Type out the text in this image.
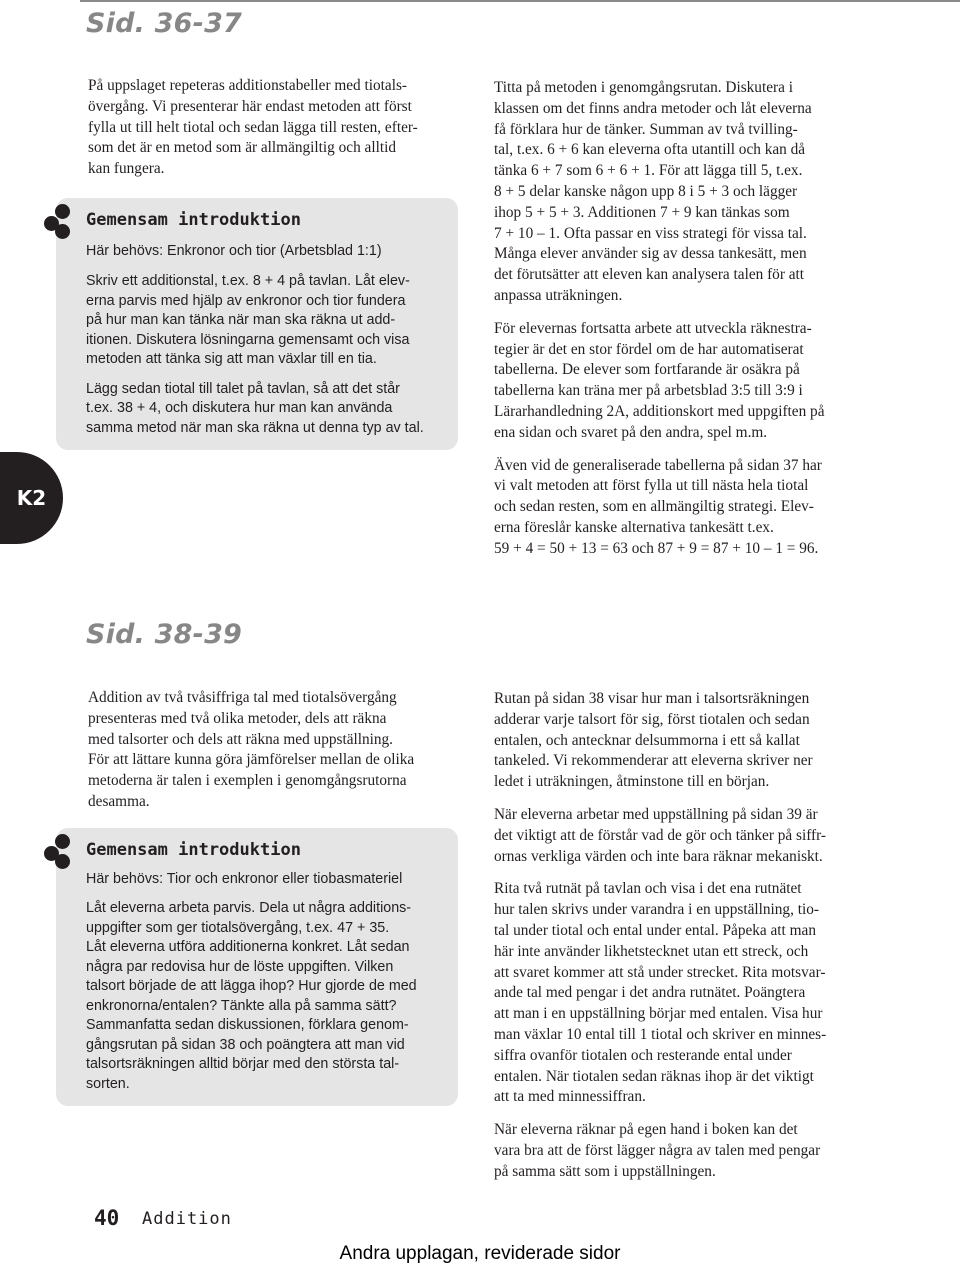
Sid. 36-37

På uppslaget repeteras additionstabeller med tiotals-
övergång. Vi presenterar här endast metoden att först
fylla ut till helt tiotal och sedan lägga till resten, efter-
som det är en metod som är allmängiltig och alltid
kan fungera.

Gemensam introduktion
Här behövs: Enkronor och tior (Arbetsblad 1:1)

Skriv ett additionstal, t.ex. 8 + 4 på tavlan. Låt elev-
erna parvis med hjälp av enkronor och tior fundera
på hur man kan tänka när man ska räkna ut add-
itionen. Diskutera lösningarna gemensamt och visa
metoden att tänka sig att man växlar till en tia.

Lägg sedan tiotal till talet på tavlan, så att det står
t.ex. 38 + 4, och diskutera hur man kan använda
samma metod när man ska räkna ut denna typ av tal.

K2

Titta på metoden i genomgångsrutan. Diskutera i
klassen om det finns andra metoder och låt eleverna
få förklara hur de tänker. Summan av två tvilling-
tal, t.ex. 6 + 6 kan eleverna ofta utantill och kan då
tänka 6 + 7 som 6 + 6 + 1. För att lägga till 5, t.ex.
8 + 5 delar kanske någon upp 8 i 5 + 3 och lägger
ihop 5 + 5 + 3. Additionen 7 + 9 kan tänkas som
7 + 10 – 1. Ofta passar en viss strategi för vissa tal.
Många elever använder sig av dessa tankesätt, men
det förutsätter att eleven kan analysera talen för att
anpassa uträkningen.

För elevernas fortsatta arbete att utveckla räknestra-
tegier är det en stor fördel om de har automatiserat
tabellerna. De elever som fortfarande är osäkra på
tabellerna kan träna mer på arbetsblad 3:5 till 3:9 i
Lärarhandledning 2A, additionskort med uppgiften på
ena sidan och svaret på den andra, spel m.m.

Även vid de generaliserade tabellerna på sidan 37 har
vi valt metoden att först fylla ut till nästa hela tiotal
och sedan resten, som en allmängiltig strategi. Elev-
erna föreslår kanske alternativa tankesätt t.ex.
59 + 4 = 50 + 13 = 63 och 87 + 9 = 87 + 10 – 1 = 96.

Sid. 38-39

Addition av två tvåsiffriga tal med tiotalsövergång
presenteras med två olika metoder, dels att räkna
med talsorter och dels att räkna med uppställning.
För att lättare kunna göra jämförelser mellan de olika
metoderna är talen i exemplen i genomgångsrutorna
desamma.

Gemensam introduktion
Här behövs: Tior och enkronor eller tiobasmateriel

Låt eleverna arbeta parvis. Dela ut några additions-
uppgifter som ger tiotalsövergång, t.ex. 47 + 35.
Låt eleverna utföra additionerna konkret. Låt sedan
några par redovisa hur de löste uppgiften. Vilken
talsort började de att lägga ihop? Hur gjorde de med
enkronorna/entalen? Tänkte alla på samma sätt?
Sammanfatta sedan diskussionen, förklara genom-
gångsrutan på sidan 38 och poängtera att man vid
talsortsräkningen alltid börjar med den största tal-
sorten.

Rutan på sidan 38 visar hur man i talsortsräkningen
adderar varje talsort för sig, först tiotalen och sedan
entalen, och antecknar delsummorna i ett så kallat
tankeled. Vi rekommenderar att eleverna skriver ner
ledet i uträkningen, åtminstone till en början.

När eleverna arbetar med uppställning på sidan 39 är
det viktigt att de förstår vad de gör och tänker på siffr-
ornas verkliga värden och inte bara räknar mekaniskt.

Rita två rutnät på tavlan och visa i det ena rutnätet
hur talen skrivs under varandra i en uppställning, tio-
tal under tiotal och ental under ental. Påpeka att man
här inte använder likhetstecknet utan ett streck, och
att svaret kommer att stå under strecket. Rita motsvar-
ande tal med pengar i det andra rutnätet. Poängtera
att man i en uppställning börjar med entalen. Visa hur
man växlar 10 ental till 1 tiotal och skriver en minnes-
siffra ovanför tiotalen och resterande ental under
entalen. När tiotalen sedan räknas ihop är det viktigt
att ta med minnessiffran.

När eleverna räknar på egen hand i boken kan det
vara bra att de först lägger några av talen med pengar
på samma sätt som i uppställningen.

40 Addition
Andra upplagan, reviderade sidor
